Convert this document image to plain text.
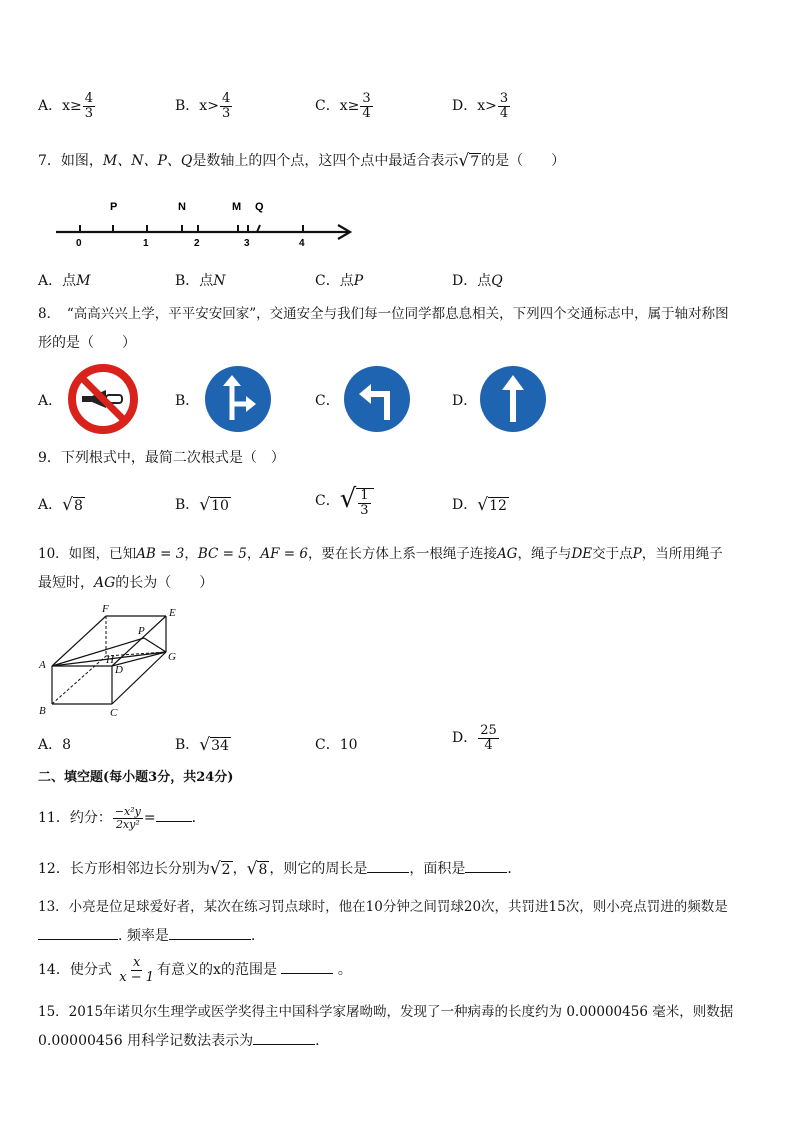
A．$x\ge \frac{4}{3}$	B．$x> \frac{4}{3}$	C．$x\ge \frac{3}{4}$	D．$x> \frac{3}{4}$
7．如图，M、N、P、Q是数轴上的四个点，这四个点中最适合表示√7 的是（　　）
P	N	M Q
0	1	2	3	4
A．点M	B．点N	C．点P	D．点Q
8．　“高高兴兴上学，平平安安回家”，交通安全与我们每一位同学都息息相关，下列四个交通标志中，属于轴对称图
形的是（　　）
A．	B．	C．	D．
9．下列根式中，最简二次根式是（　）
A．√8	B．√10	C．√ $\frac{1}{3}$	D．√12
10．如图，已知AB = 3，BC = 5，AF = 6，要在长方体上系一根绳子连接AG，绳子与DE交于点P，当所用绳子
最短时，AG的长为（　　）
A
B	C
D
E
F
G
H
P
A．8	B．√34	C．10	D． $\frac{25}{4}$
二、填空题(每小题3分，共24分)
11．约分： $\frac{\text{−x²y}}{\text{2xy²}}$ =	．
12．长方形相邻边长分别为√2 ，√8 ，则它的周长是	，面积是	．
13．小亮是位足球爱好者，某次在练习罚点球时，他在10分钟之间罚球20次，共罚进15次，则小亮点罚进的频数是
. 频率是	.
14．使分式 $\frac{x}{x - 1}$ 有意义的x的范围是	。
15．2015年诺贝尔生理学或医学奖得主中国科学家屠呦呦，发现了一种病毒的长度约为 0.00000456 毫米，则数据
0.00000456 用科学记数法表示为	.
